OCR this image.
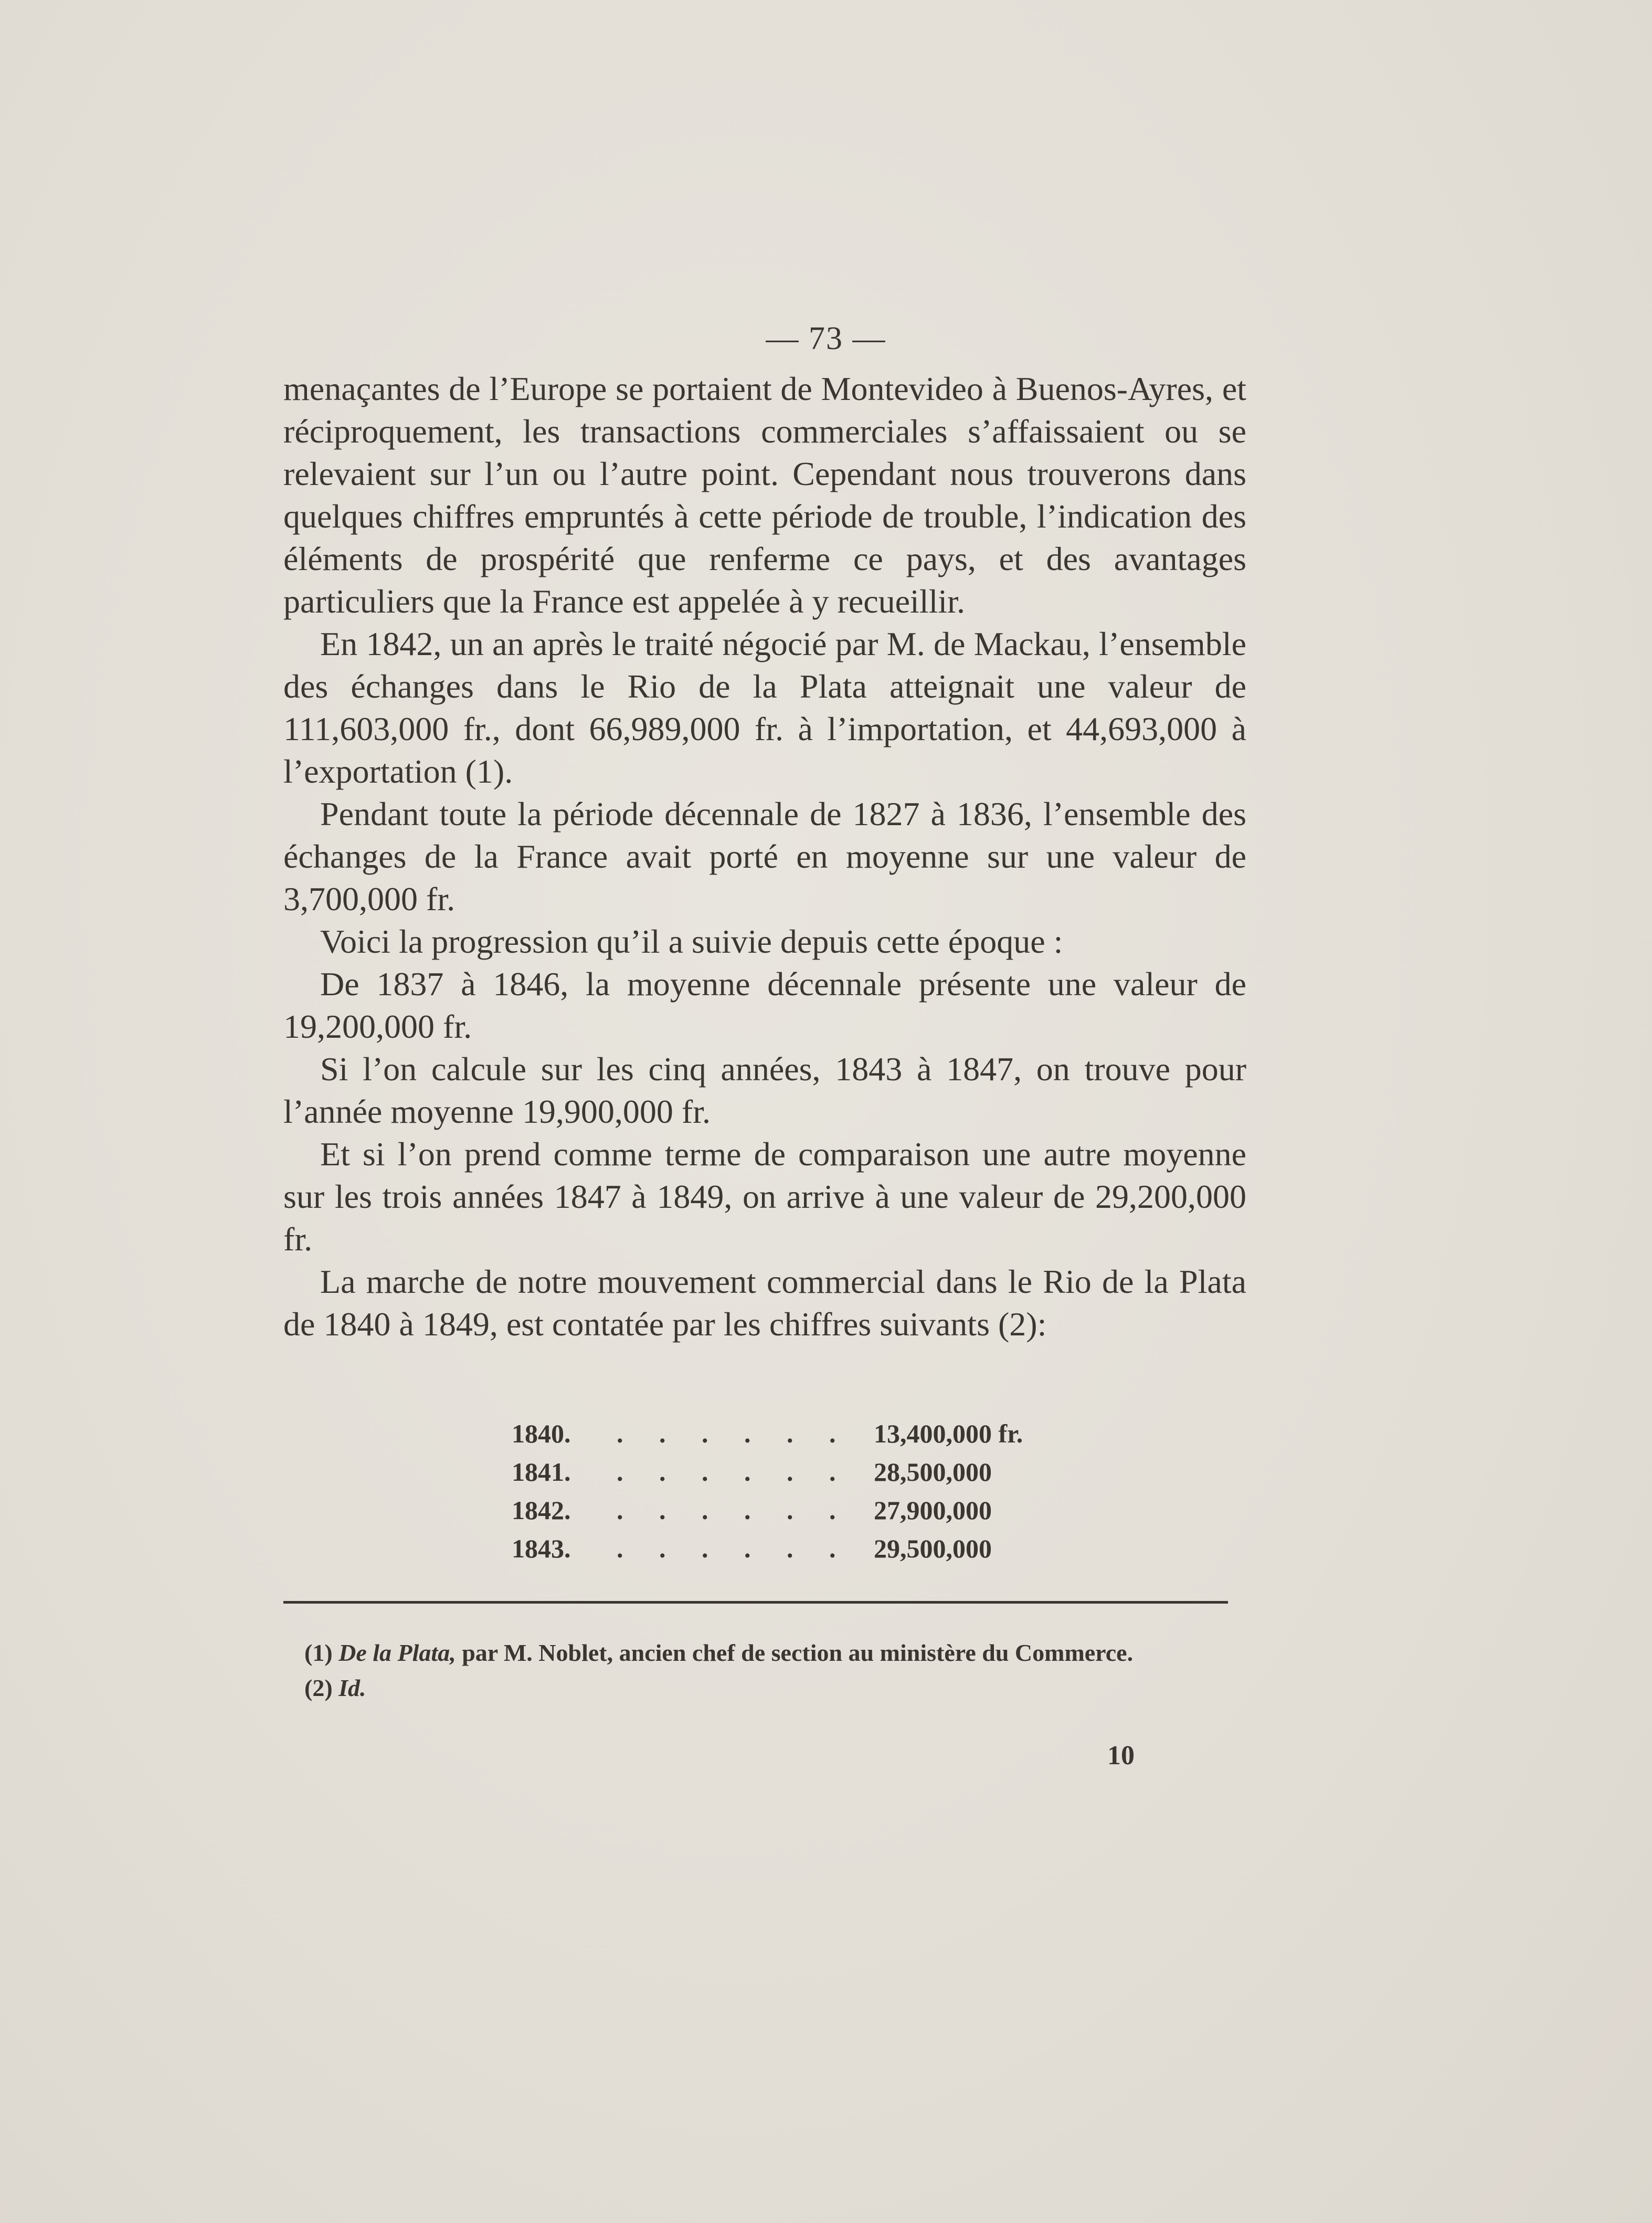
— 73 —

menaçantes de l’Europe se portaient de Montevideo à Buenos-Ayres, et réciproquement, les transactions commerciales s’affaissaient ou se relevaient sur l’un ou l’autre point. Cependant nous trouverons dans quelques chiffres empruntés à cette période de trouble, l’indication des éléments de prospérité que renferme ce pays, et des avantages particuliers que la France est appelée à y recueillir.

En 1842, un an après le traité négocié par M. de Mackau, l’ensemble des échanges dans le Rio de la Plata atteignait une valeur de 111,603,000 fr., dont 66,989,000 fr. à l’importation, et 44,693,000 à l’exportation (1).

Pendant toute la période décennale de 1827 à 1836, l’ensemble des échanges de la France avait porté en moyenne sur une valeur de 3,700,000 fr.

Voici la progression qu’il a suivie depuis cette époque :

De 1837 à 1846, la moyenne décennale présente une valeur de 19,200,000 fr.

Si l’on calcule sur les cinq années, 1843 à 1847, on trouve pour l’année moyenne 19,900,000 fr.

Et si l’on prend comme terme de comparaison une autre moyenne sur les trois années 1847 à 1849, on arrive à une valeur de 29,200,000 fr.

La marche de notre mouvement commercial dans le Rio de la Plata de 1840 à 1849, est contatée par les chiffres suivants (2):

1840. . . . . . . 13,400,000 fr.
1841. . . . . . . 28,500,000
1842. . . . . . . 27,900,000
1843. . . . . . . 29,500,000

(1) De la Plata, par M. Noblet, ancien chef de section au ministère du Commerce.

(2) Id.

10
